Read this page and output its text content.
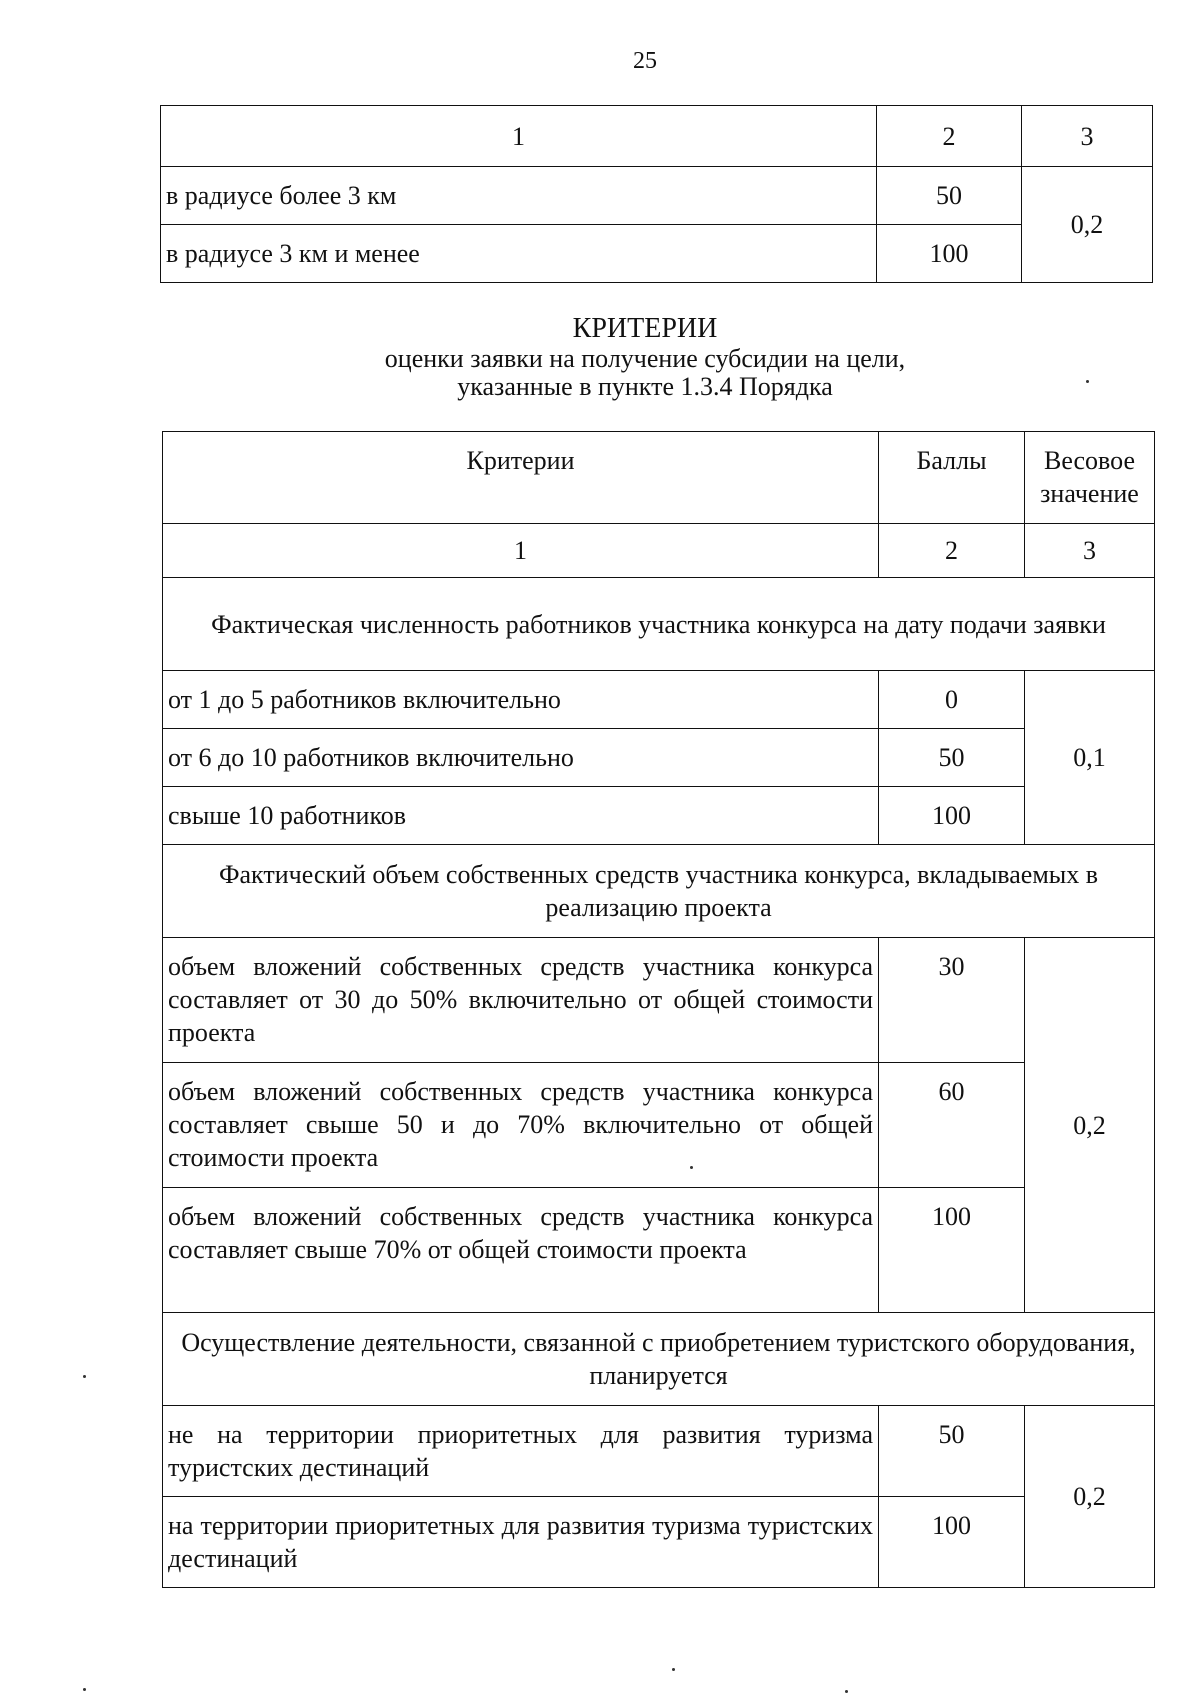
25
1	2	3
в радиусе более 3 км	50	0,2
в радиусе 3 км и менее	100	
КРИТЕРИИ
оценки заявки на получение субсидии на цели,
указанные в пункте 1.3.4 Порядка
Критерии	Баллы	Весовое значение
1	2	3
Фактическая численность работников участника конкурса на дату подачи заявки		
от 1 до 5 работников включительно	0	0,1
от 6 до 10 работников включительно	50	
свыше 10 работников	100	
Фактический объем собственных средств участника конкурса, вкладываемых в реализацию проекта		
объем вложений собственных средств участника конкурса составляет от 30 до 50% включительно от общей стоимости проекта	30	0,2
объем вложений собственных средств участника конкурса составляет свыше 50 и до 70% включительно от общей стоимости проекта	60	
объем вложений собственных средств участника конкурса составляет свыше 70% от общей стоимости проекта	100	
Осуществление деятельности, связанной с приобретением туристского оборудования, планируется		
не на территории приоритетных для развития туризма туристских дестинаций	50	0,2
на территории приоритетных для развития туризма туристских дестинаций	100	
